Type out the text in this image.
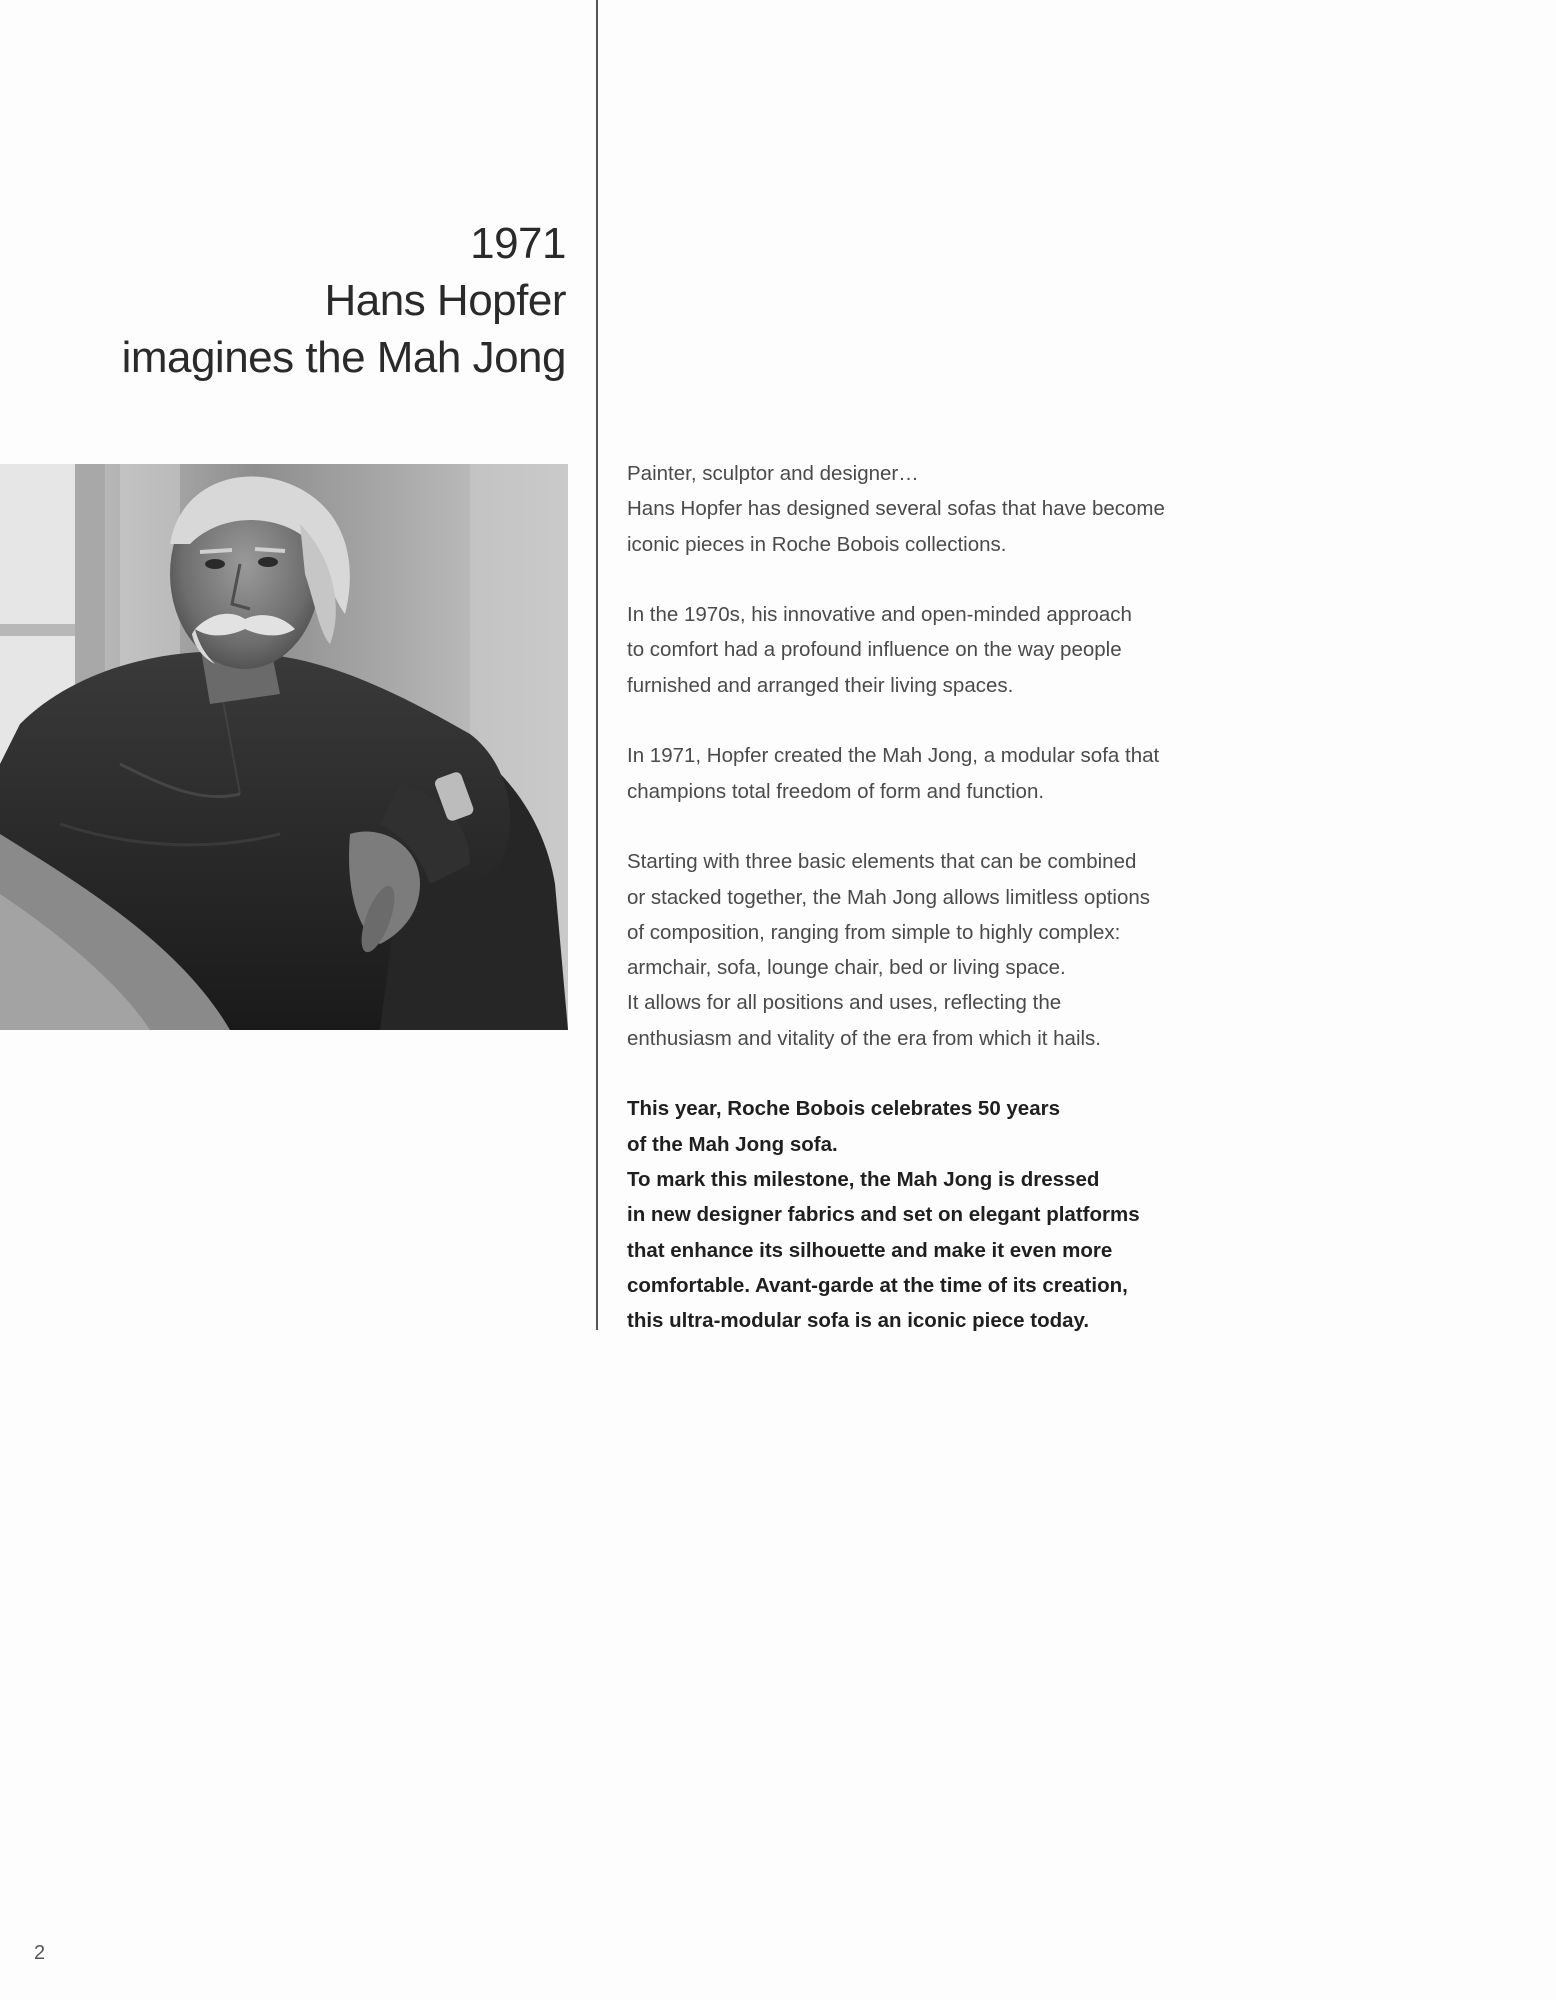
1971
Hans Hopfer
imagines the Mah Jong

Painter, sculptor and designer…
Hans Hopfer has designed several sofas that have become
iconic pieces in Roche Bobois collections.

In the 1970s, his innovative and open-minded approach
to comfort had a profound influence on the way people
furnished and arranged their living spaces.

In 1971, Hopfer created the Mah Jong, a modular sofa that
champions total freedom of form and function.

Starting with three basic elements that can be combined
or stacked together, the Mah Jong allows limitless options
of composition, ranging from simple to highly complex:
armchair, sofa, lounge chair, bed or living space.
It allows for all positions and uses, reflecting the
enthusiasm and vitality of the era from which it hails.

This year, Roche Bobois celebrates 50 years
of the Mah Jong sofa.
To mark this milestone, the Mah Jong is dressed
in new designer fabrics and set on elegant platforms
that enhance its silhouette and make it even more
comfortable. Avant-garde at the time of its creation,
this ultra-modular sofa is an iconic piece today.

2
